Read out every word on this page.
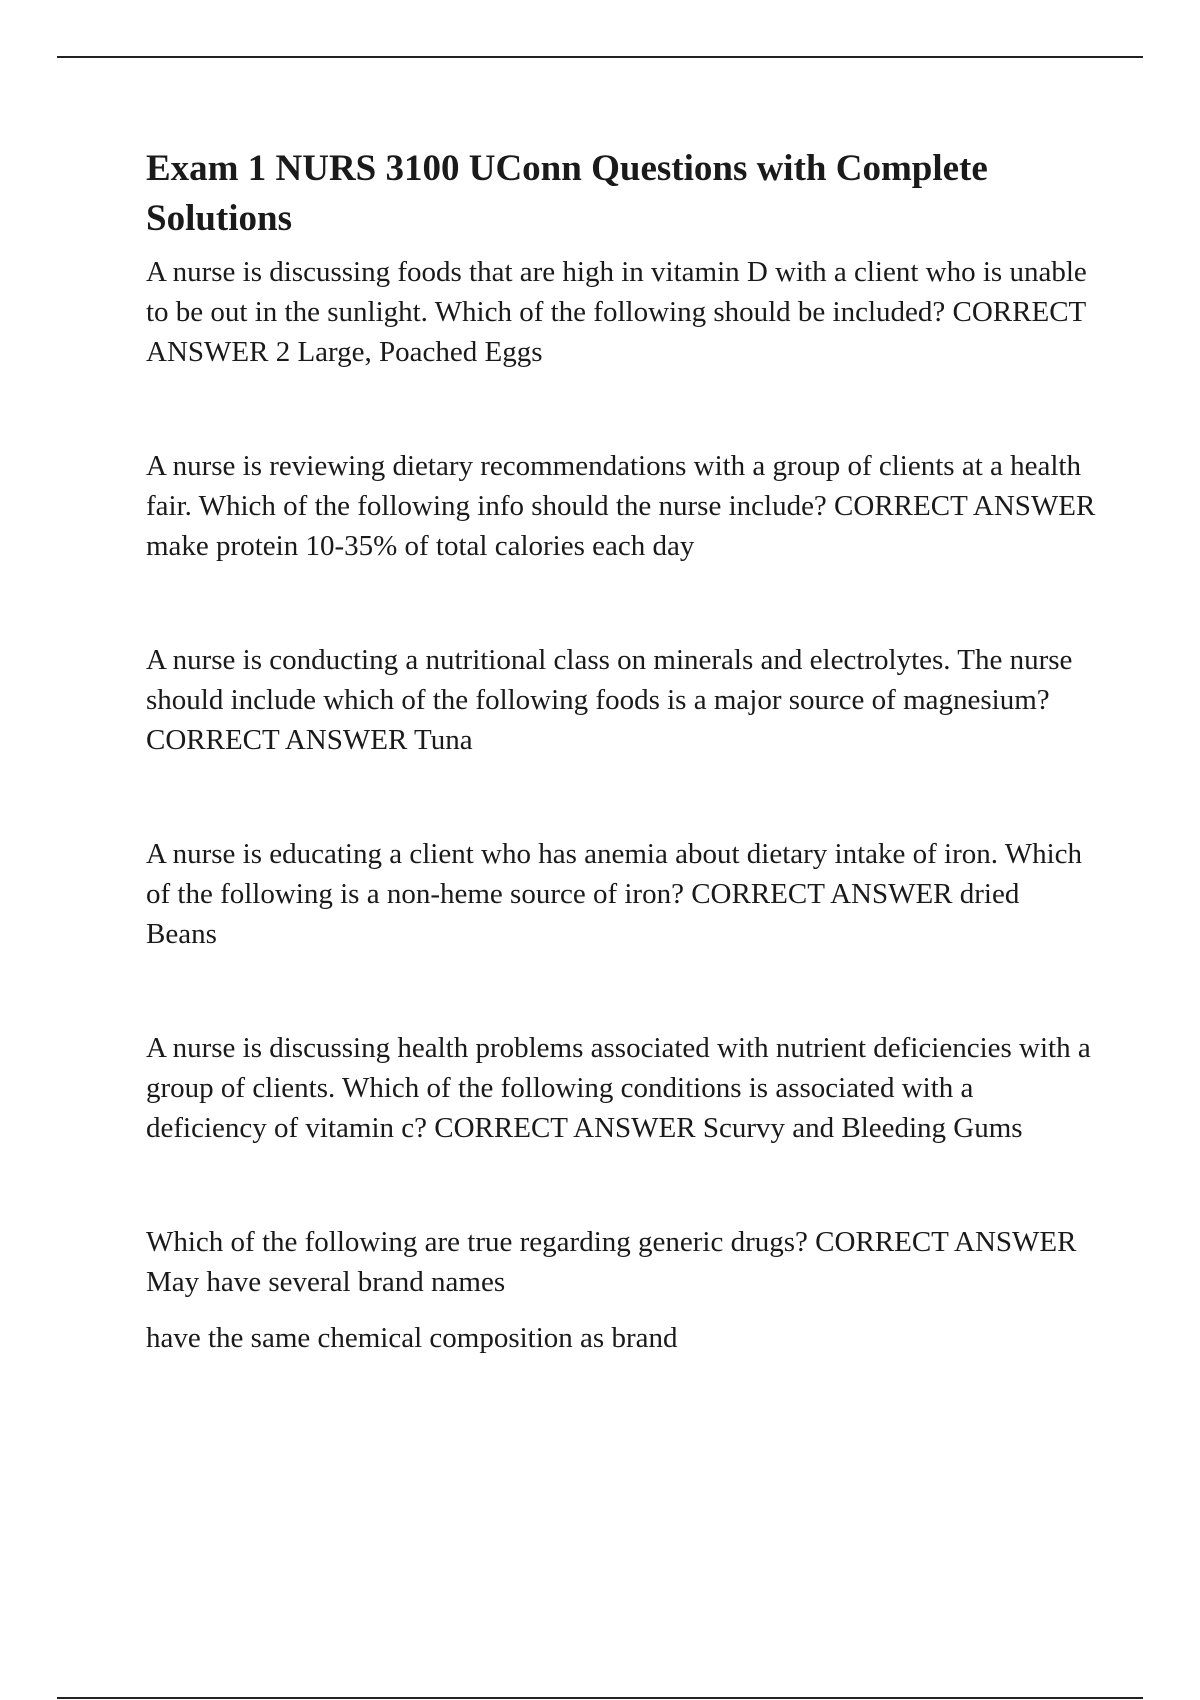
Exam 1 NURS 3100 UConn Questions with Complete Solutions

A nurse is discussing foods that are high in vitamin D with a client who is unable to be out in the sunlight. Which of the following should be included? CORRECT ANSWER 2 Large, Poached Eggs

A nurse is reviewing dietary recommendations with a group of clients at a health fair. Which of the following info should the nurse include? CORRECT ANSWER make protein 10-35% of total calories each day

A nurse is conducting a nutritional class on minerals and electrolytes. The nurse should include which of the following foods is a major source of magnesium? CORRECT ANSWER Tuna

A nurse is educating a client who has anemia about dietary intake of iron. Which of the following is a non-heme source of iron? CORRECT ANSWER dried Beans

A nurse is discussing health problems associated with nutrient deficiencies with a group of clients. Which of the following conditions is associated with a deficiency of vitamin c? CORRECT ANSWER Scurvy and Bleeding Gums

Which of the following are true regarding generic drugs? CORRECT ANSWER May have several brand names

have the same chemical composition as brand
